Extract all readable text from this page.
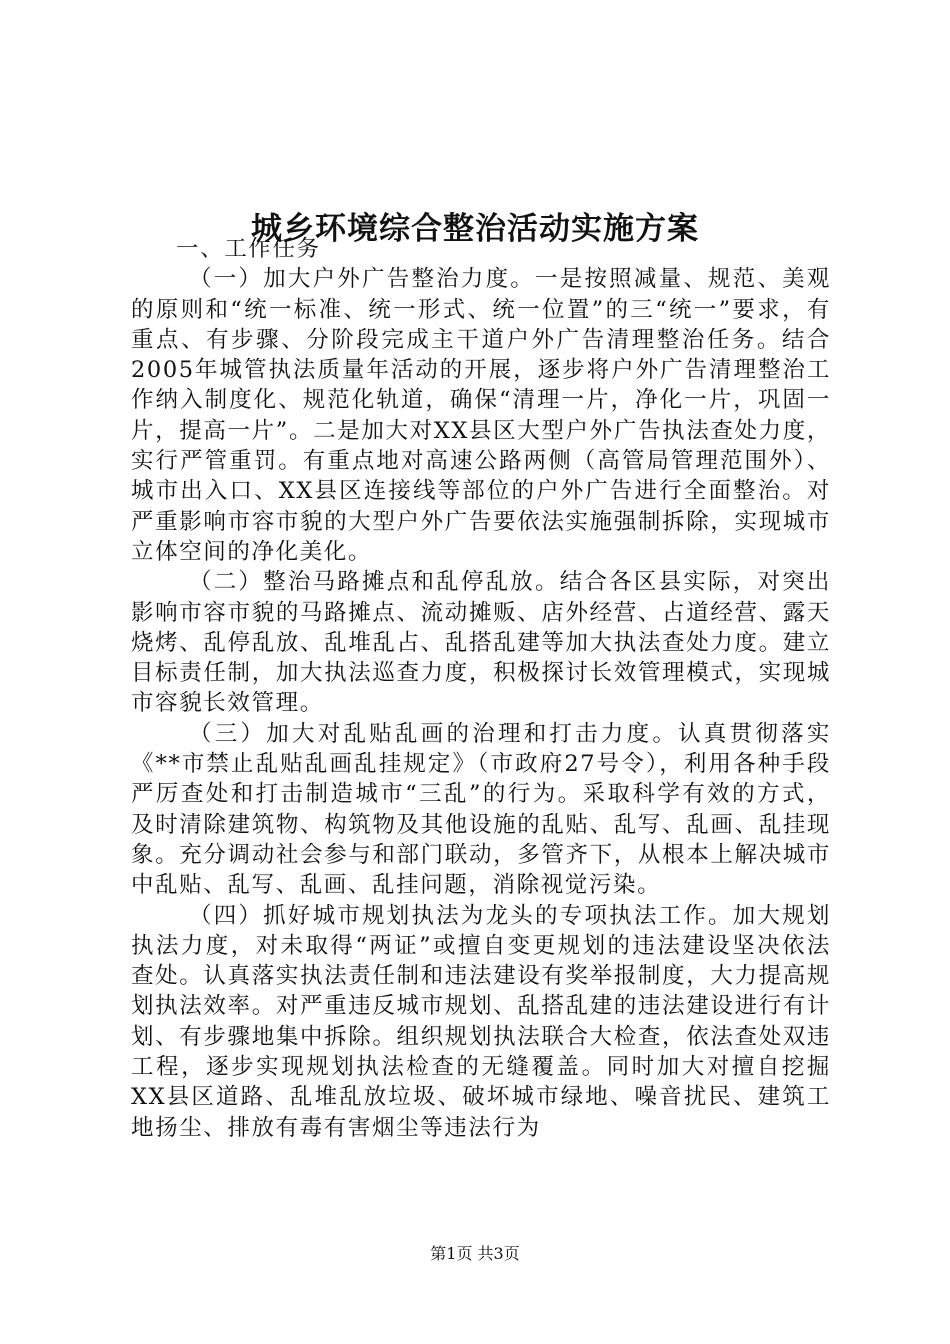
城乡环境综合整治活动实施方案

一、工作任务

（一）加大户外广告整治力度。一是按照减量、规范、美观的原则和“统一标准、统一形式、统一位置”的三“统一”要求，有重点、有步骤、分阶段完成主干道户外广告清理整治任务。结合2005年城管执法质量年活动的开展，逐步将户外广告清理整治工作纳入制度化、规范化轨道，确保“清理一片，净化一片，巩固一片，提高一片”。二是加大对XX县区大型户外广告执法查处力度，实行严管重罚。有重点地对高速公路两侧（高管局管理范围外）、城市出入口、XX县区连接线等部位的户外广告进行全面整治。对严重影响市容市貌的大型户外广告要依法实施强制拆除，实现城市立体空间的净化美化。

（二）整治马路摊点和乱停乱放。结合各区县实际，对突出影响市容市貌的马路摊点、流动摊贩、店外经营、占道经营、露天烧烤、乱停乱放、乱堆乱占、乱搭乱建等加大执法查处力度。建立目标责任制，加大执法巡查力度，积极探讨长效管理模式，实现城市容貌长效管理。

（三）加大对乱贴乱画的治理和打击力度。认真贯彻落实《**市禁止乱贴乱画乱挂规定》（市政府27号令），利用各种手段严厉查处和打击制造城市“三乱”的行为。采取科学有效的方式，及时清除建筑物、构筑物及其他设施的乱贴、乱写、乱画、乱挂现象。充分调动社会参与和部门联动，多管齐下，从根本上解决城市中乱贴、乱写、乱画、乱挂问题，消除视觉污染。

（四）抓好城市规划执法为龙头的专项执法工作。加大规划执法力度，对未取得“两证”或擅自变更规划的违法建设坚决依法查处。认真落实执法责任制和违法建设有奖举报制度，大力提高规划执法效率。对严重违反城市规划、乱搭乱建的违法建设进行有计划、有步骤地集中拆除。组织规划执法联合大检查，依法查处双违工程，逐步实现规划执法检查的无缝覆盖。同时加大对擅自挖掘XX县区道路、乱堆乱放垃圾、破坏城市绿地、噪音扰民、建筑工地扬尘、排放有毒有害烟尘等违法行为

第1页 共3页
